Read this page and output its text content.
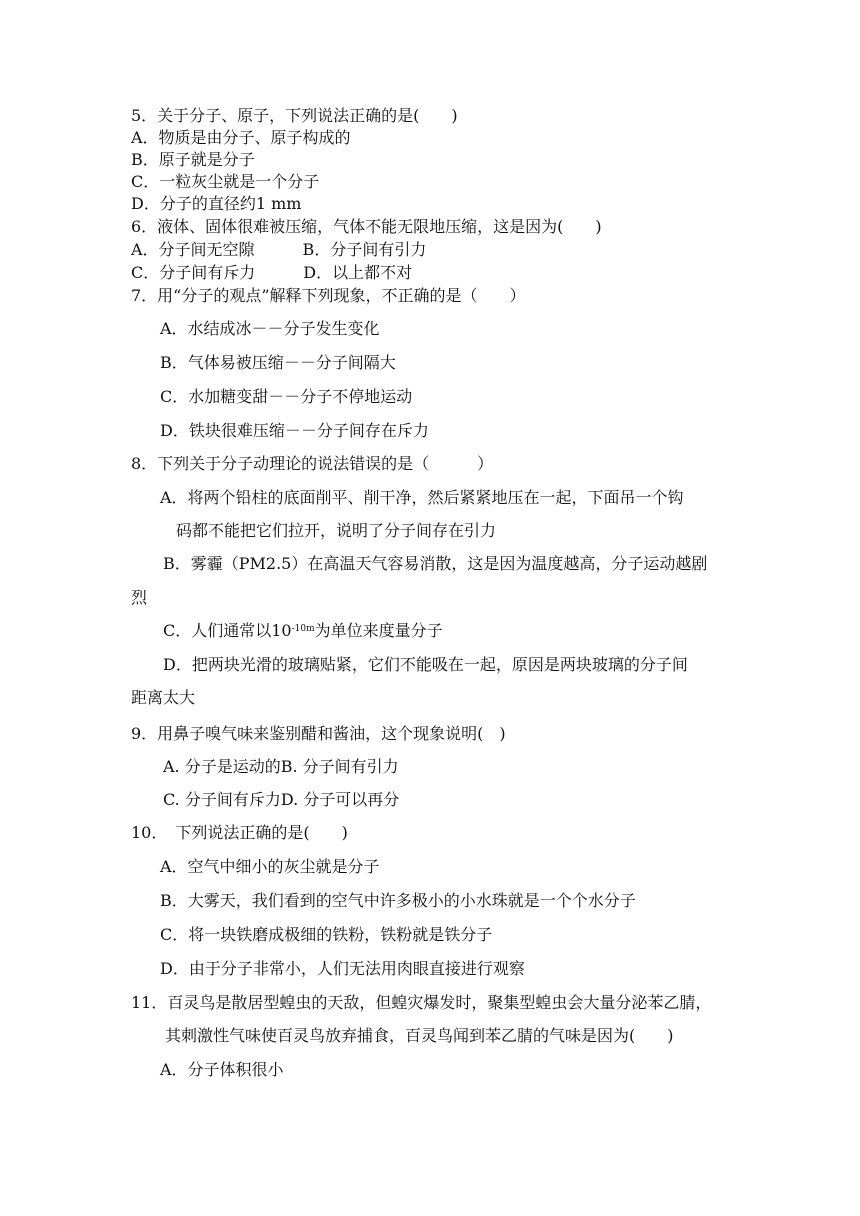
5．关于分子、原子，下列说法正确的是(　　)
A．物质是由分子、原子构成的
B．原子就是分子
C．一粒灰尘就是一个分子
D．分子的直径约1 mm
6．液体、固体很难被压缩，气体不能无限地压缩，这是因为(　　)
A．分子间无空隙　　　B．分子间有引力
C．分子间有斥力　　　D．以上都不对
7．用“分子的观点”解释下列现象，不正确的是（　　）
A．水结成冰－－分子发生变化
B．气体易被压缩－－分子间隔大
C．水加糖变甜－－分子不停地运动
D．铁块很难压缩－－分子间存在斥力
8．下列关于分子动理论的说法错误的是（　　　）
A．将两个铅柱的底面削平、削干净，然后紧紧地压在一起，下面吊一个钩
码都不能把它们拉开，说明了分子间存在引力
B．雾霾（PM2.5）在高温天气容易消散，这是因为温度越高，分子运动越剧
烈
C．人们通常以$10^{-10m}$为单位来度量分子
D．把两块光滑的玻璃贴紧，它们不能吸在一起，原因是两块玻璃的分子间
距离太大
9．用鼻子嗅气味来鉴别醋和酱油，这个现象说明(　)
A. 分子是运动的B. 分子间有引力
C. 分子间有斥力D. 分子可以再分
10．　下列说法正确的是(　　)
A．空气中细小的灰尘就是分子
B．大雾天，我们看到的空气中许多极小的小水珠就是一个个水分子
C．将一块铁磨成极细的铁粉，铁粉就是铁分子
D．由于分子非常小，人们无法用肉眼直接进行观察
11．百灵鸟是散居型蝗虫的天敌，但蝗灾爆发时，聚集型蝗虫会大量分泌苯乙腈，
其刺激性气味使百灵鸟放弃捕食，百灵鸟闻到苯乙腈的气味是因为(　　)
A．分子体积很小
